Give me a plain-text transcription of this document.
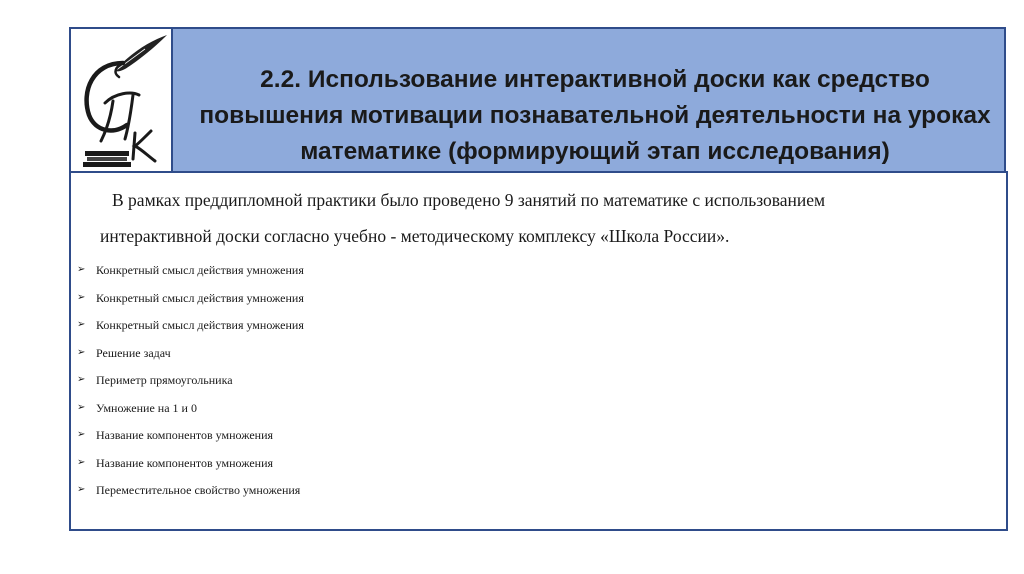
2.2. Использование интерактивной доски как средство повышения мотивации познавательной деятельности на уроках математике (формирующий этап исследования)

В рамках преддипломной практики было проведено 9 занятий по математике с использованием
интерактивной доски согласно учебно - методическому комплексу «Школа России».

➢ Конкретный смысл действия умножения
➢ Конкретный смысл действия умножения
➢ Конкретный смысл действия умножения
➢ Решение задач
➢ Периметр прямоугольника
➢ Умножение на 1 и 0
➢ Название компонентов умножения
➢ Название компонентов умножения
➢ Переместительное свойство умножения
